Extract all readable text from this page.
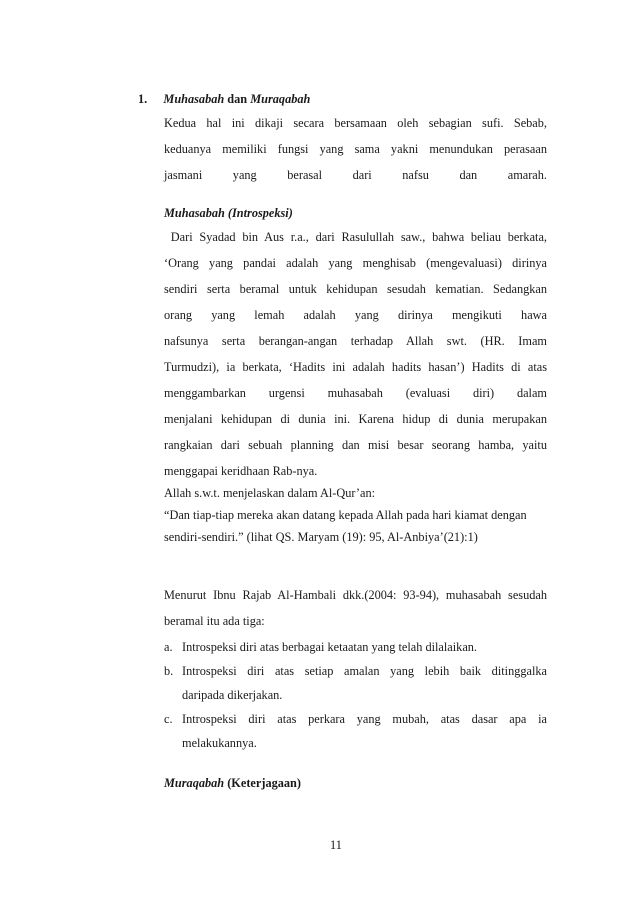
1. Muhasabah dan Muraqabah
Kedua hal ini dikaji secara bersamaan oleh sebagian sufi. Sebab,
keduanya memiliki fungsi yang sama yakni menundukan perasaan
jasmani yang berasal dari nafsu dan amarah.
Muhasabah (Introspeksi)
Dari Syadad bin Aus r.a., dari Rasulullah saw., bahwa beliau berkata,
‘Orang yang pandai adalah yang menghisab (mengevaluasi) dirinya
sendiri serta beramal untuk kehidupan sesudah kematian. Sedangkan
orang yang lemah adalah yang dirinya mengikuti hawa
nafsunya serta berangan-angan terhadap Allah swt. (HR. Imam
Turmudzi), ia berkata, ‘Hadits ini adalah hadits hasan’) Hadits di atas
menggambarkan urgensi muhasabah (evaluasi diri) dalam
menjalani kehidupan di dunia ini. Karena hidup di dunia merupakan
rangkaian dari sebuah planning dan misi besar seorang hamba, yaitu
menggapai keridhaan Rab-nya.
Allah s.w.t. menjelaskan dalam Al-Qur’an:
“Dan tiap-tiap mereka akan datang kepada Allah pada hari kiamat dengan
sendiri-sendiri.” (lihat QS. Maryam (19): 95, Al-Anbiya’(21):1)
Menurut Ibnu Rajab Al-Hambali dkk.(2004: 93-94), muhasabah sesudah
beramal itu ada tiga:
a. Introspeksi diri atas berbagai ketaatan yang telah dilalaikan.
b. Introspeksi diri atas setiap amalan yang lebih baik ditinggalka
daripada dikerjakan.
c. Introspeksi diri atas perkara yang mubah, atas dasar apa ia
melakukannya.
Muraqabah (Keterjagaan)
11
